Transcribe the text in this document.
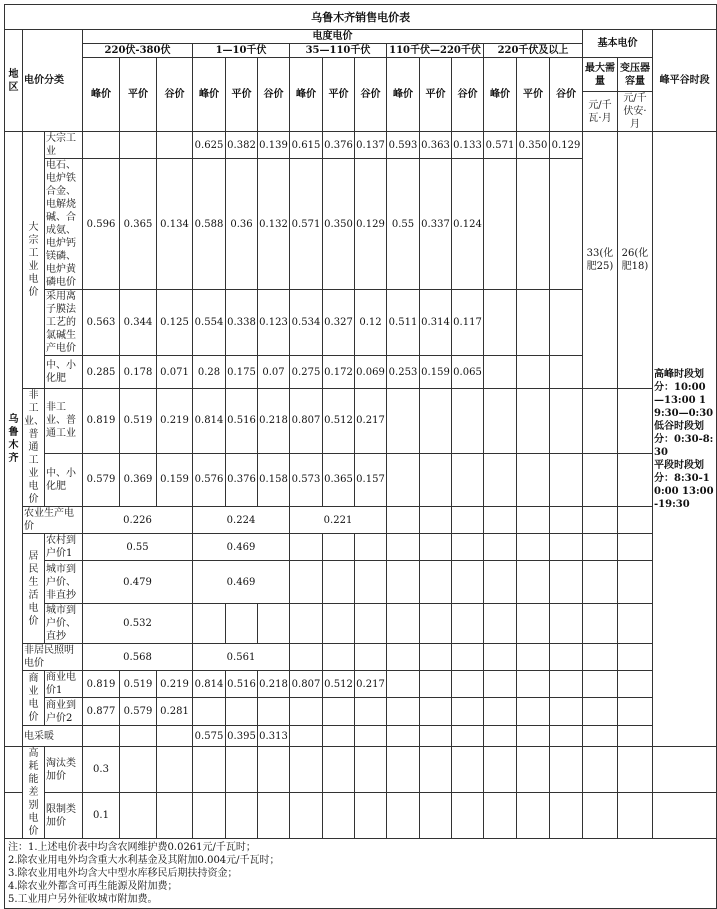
乌鲁木齐销售电价表																				
地区	电价分类		电度电价															基本电价		峰平谷时段
			220伏-380伏			1—10千伏			35—110千伏			110千伏—220千伏			220千伏及以上					
			峰价	平价	谷价	峰价	平价	谷价	峰价	平价	谷价	峰价	平价	谷价	峰价	平价	谷价	最大需量	变压器容量	
																		元/千瓦·月	元/千伏安·月	
乌鲁木齐	大宗工业电价	大宗工业				0.625	0.382	0.139	0.615	0.376	0.137	0.593	0.363	0.133	0.571	0.350	0.129	33(化肥25)	26(化肥18)	高峰时段划分：10:00—13:00 19:30—0:30
低谷时段划分：0:30-8:30
平段时段划分：8:30-10:00 13:00-19:30

		电石、电炉铁合金、电解烧碱、合成氨、电炉钙镁磷、电炉黄磷电价	0.596	0.365	0.134	0.588	0.36	0.132	0.571	0.350	0.129	0.55	0.337	0.124						
		采用离子膜法工艺的氯碱生产电价	0.563	0.344	0.125	0.554	0.338	0.123	0.534	0.327	0.12	0.511	0.314	0.117						
		中、小化肥	0.285	0.178	0.071	0.28	0.175	0.07	0.275	0.172	0.069	0.253	0.159	0.065						
	非工业、普通工业电价	非工业、普通工业	0.819	0.519	0.219	0.814	0.516	0.218	0.807	0.512	0.217									
		中、小化肥	0.579	0.369	0.159	0.576	0.376	0.158	0.573	0.365	0.157									
	农业生产电价		0.226			0.224			0.221											
	居民生活电价	农村到户价1	0.55			0.469														
		城市到户价、非直抄	0.479			0.469														
		城市到户价、直抄	0.532																	
	非居民照明电价		0.568			0.561														
	商业电价	商业电价1	0.819	0.519	0.219	0.814	0.516	0.218	0.807	0.512	0.217									
		商业到户价2	0.877	0.579	0.281															
	电采暖					0.575	0.395	0.313												
	高耗能差别电价	淘汰类加价	0.3																	
		限制类加价	0.1																	

注：1.上述电价表中均含农网维护费0.0261元/千瓦时；
2.除农业用电外均含重大水利基金及其附加0.004元/千瓦时；
3.除农业用电外均含大中型水库移民后期扶持资金；
4.除农业外都含可再生能源及附加费；
5.工业用户另外征收城市附加费。																				
